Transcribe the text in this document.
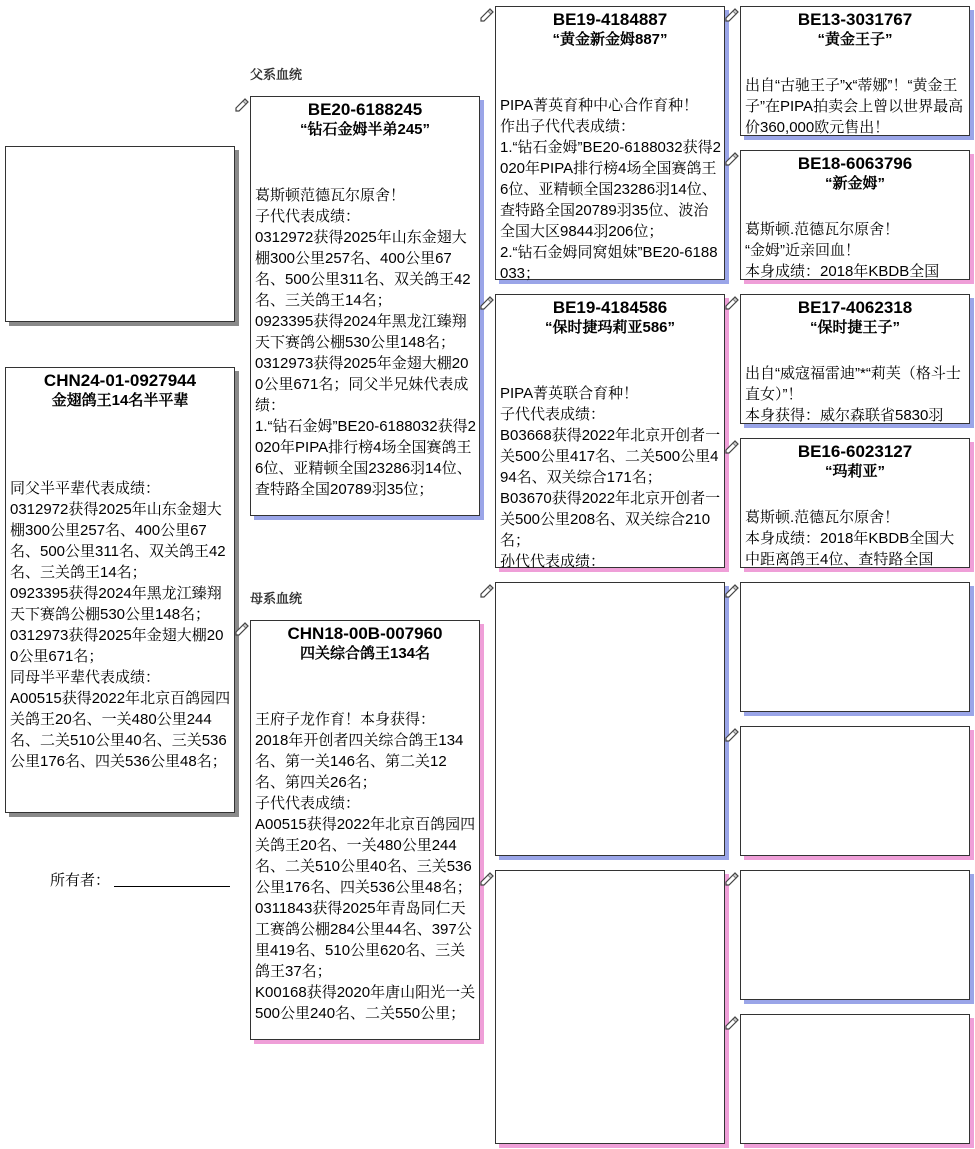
CHN24-01-0927944
金翅鸽王14名半平辈
同父半平辈代表成绩：
0312972获得2025年山东金翅大棚300公里257名、400公里67名、500公里311名、双关鸽王42名、三关鸽王14名；
0923395获得2024年黑龙江臻翔天下赛鸽公棚530公里148名；
0312973获得2025年金翅大棚200公里671名；
同母半平辈代表成绩：
A00515获得2022年北京百鸽园四关鸽王20名、一关480公里244名、二关510公里40名、三关536公里176名、四关536公里48名；
所有者：
父系血统
母系血统
BE20-6188245
“钻石金姆半弟245”
葛斯顿范德瓦尔原舍！
子代代表成绩：
0312972获得2025年山东金翅大棚300公里257名、400公里67名、500公里311名、双关鸽王42名、三关鸽王14名；
0923395获得2024年黑龙江臻翔天下赛鸽公棚530公里148名；
0312973获得2025年金翅大棚200公里671名；同父半兄妹代表成绩：
1.“钻石金姆”BE20-6188032获得2020年PIPA排行榜4场全国赛鸽王6位、亚精顿全国23286羽14位、查特路全国20789羽35位；
CHN18-00B-007960
四关综合鸽王134名
王府子龙作育！本身获得：
2018年开创者四关综合鸽王134名、第一关146名、第二关12名、第四关26名；
子代代表成绩：
A00515获得2022年北京百鸽园四关鸽王20名、一关480公里244名、二关510公里40名、三关536公里176名、四关536公里48名；
0311843获得2025年青岛同仁天工赛鸽公棚284公里44名、397公里419名、510公里620名、三关鸽王37名；
K00168获得2020年唐山阳光一关500公里240名、二关550公里；
BE19-4184887
“黄金新金姆887”
PIPA菁英育种中心合作育种！
作出子代代表成绩：
1.“钻石金姆”BE20-6188032获得2020年PIPA排行榜4场全国赛鸽王6位、亚精顿全国23286羽14位、查特路全国20789羽35位、波治全国大区9844羽206位；
2.“钻石金姆同窝姐妹”BE20-6188033；
BE19-4184586
“保时捷玛莉亚586”
PIPA菁英联合育种！
子代代表成绩：
B03668获得2022年北京开创者一关500公里417名、二关500公里494名、双关综合171名；
B03670获得2022年北京开创者一关500公里208名、双关综合210名；
孙代代表成绩：

BE13-3031767
“黄金王子”
出自“古驰王子”x“蒂娜”！“黄金王子”在PIPA拍卖会上曾以世界最高价360,000欧元售出！
BE18-6063796
“新金姆”
葛斯顿.范德瓦尔原舍！
“金姆”近亲回血！
本身成绩：2018年KBDB全国
BE17-4062318
“保时捷王子”
出自“威寇福雷迪”*“莉芙（格斗士直女）”！
本身获得：威尔森联省5830羽
BE16-6023127
“玛莉亚”
葛斯顿.范德瓦尔原舍！
本身成绩：2018年KBDB全国大中距离鸽王4位、查特路全国
